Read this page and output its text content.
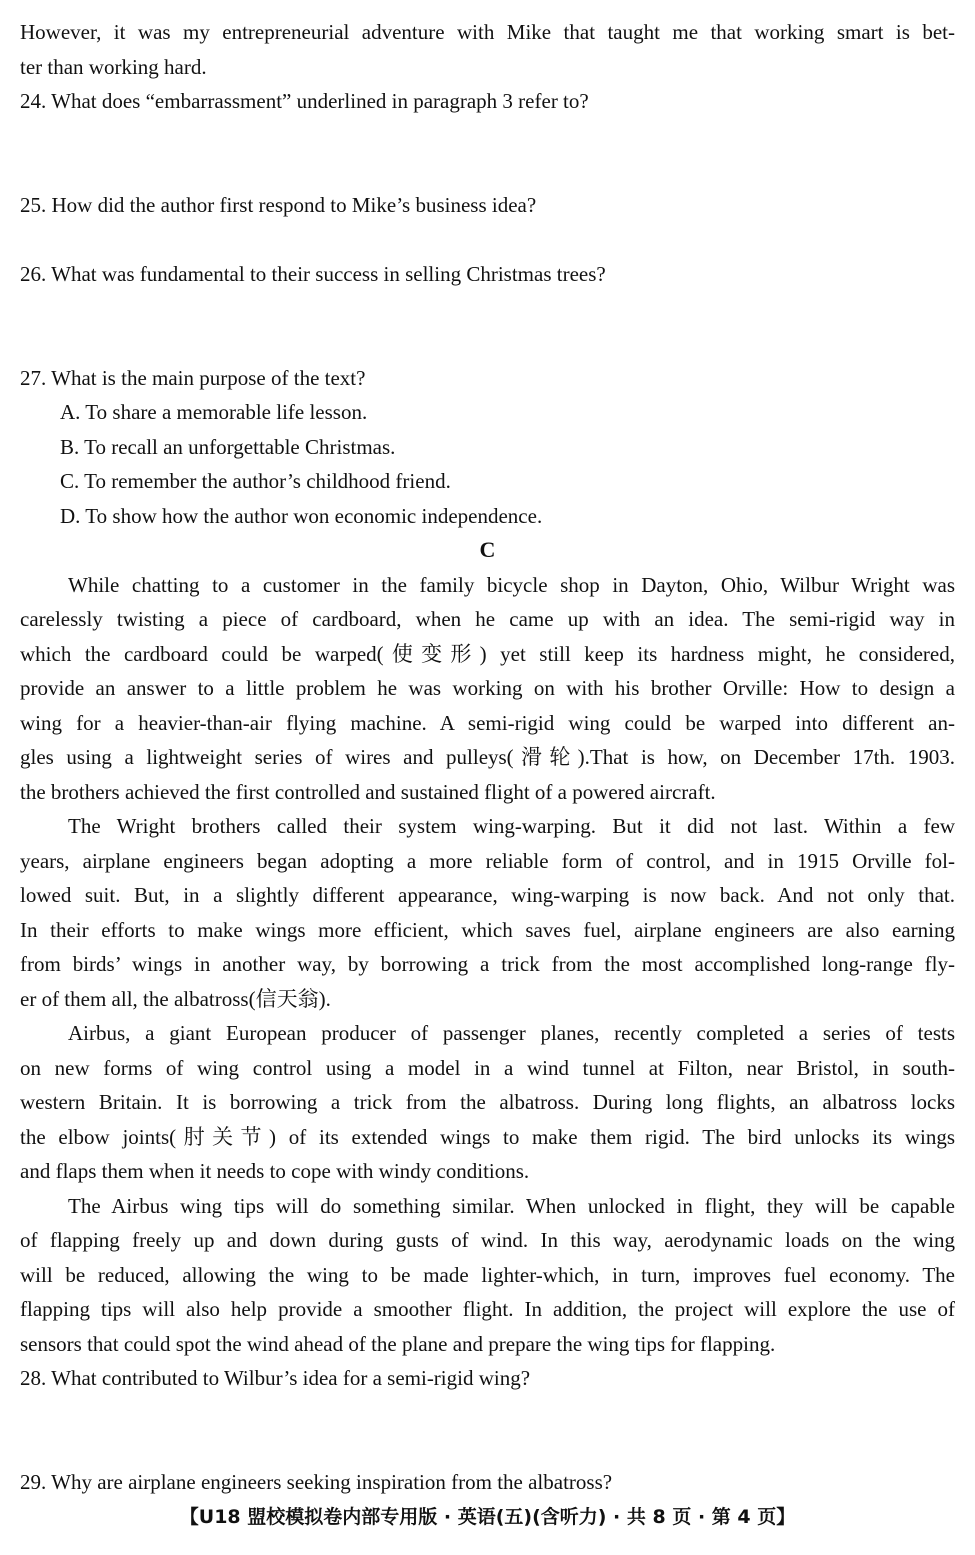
However, it was my entrepreneurial adventure with Mike that taught me that working smart is bet-
ter than working hard.
24. What does “embarrassment” underlined in paragraph 3 refer to?
25. How did the author first respond to Mike’s business idea?
26. What was fundamental to their success in selling Christmas trees?
27. What is the main purpose of the text?
A. To share a memorable life lesson.
B. To recall an unforgettable Christmas.
C. To remember the author’s childhood friend.
D. To show how the author won economic independence.
C
While chatting to a customer in the family bicycle shop in Dayton, Ohio, Wilbur Wright was
carelessly twisting a piece of cardboard, when he came up with an idea. The semi-rigid way in
which the cardboard could be warped(使变形) yet still keep its hardness might, he considered,
provide an answer to a little problem he was working on with his brother Orville: How to design a
wing for a heavier-than-air flying machine. A semi-rigid wing could be warped into different an-
gles using a lightweight series of wires and pulleys(滑轮).That is how, on December 17th. 1903.
the brothers achieved the first controlled and sustained flight of a powered aircraft.
The Wright brothers called their system wing-warping. But it did not last. Within a few
years, airplane engineers began adopting a more reliable form of control, and in 1915 Orville fol-
lowed suit. But, in a slightly different appearance, wing-warping is now back. And not only that.
In their efforts to make wings more efficient, which saves fuel, airplane engineers are also earning
from birds’ wings in another way, by borrowing a trick from the most accomplished long-range fly-
er of them all, the albatross(信天翁).
Airbus, a giant European producer of passenger planes, recently completed a series of tests
on new forms of wing control using a model in a wind tunnel at Filton, near Bristol, in south-
western Britain. It is borrowing a trick from the albatross. During long flights, an albatross locks
the elbow joints(肘关节) of its extended wings to make them rigid. The bird unlocks its wings
and flaps them when it needs to cope with windy conditions.
The Airbus wing tips will do something similar. When unlocked in flight, they will be capable
of flapping freely up and down during gusts of wind. In this way, aerodynamic loads on the wing
will be reduced, allowing the wing to be made lighter-which, in turn, improves fuel economy. The
flapping tips will also help provide a smoother flight. In addition, the project will explore the use of
sensors that could spot the wind ahead of the plane and prepare the wing tips for flapping.
28. What contributed to Wilbur’s idea for a semi-rigid wing?
29. Why are airplane engineers seeking inspiration from the albatross?
【U18 盟校模拟卷内部专用版 · 英语(五)(含听力) · 共 8 页 · 第 4 页】
